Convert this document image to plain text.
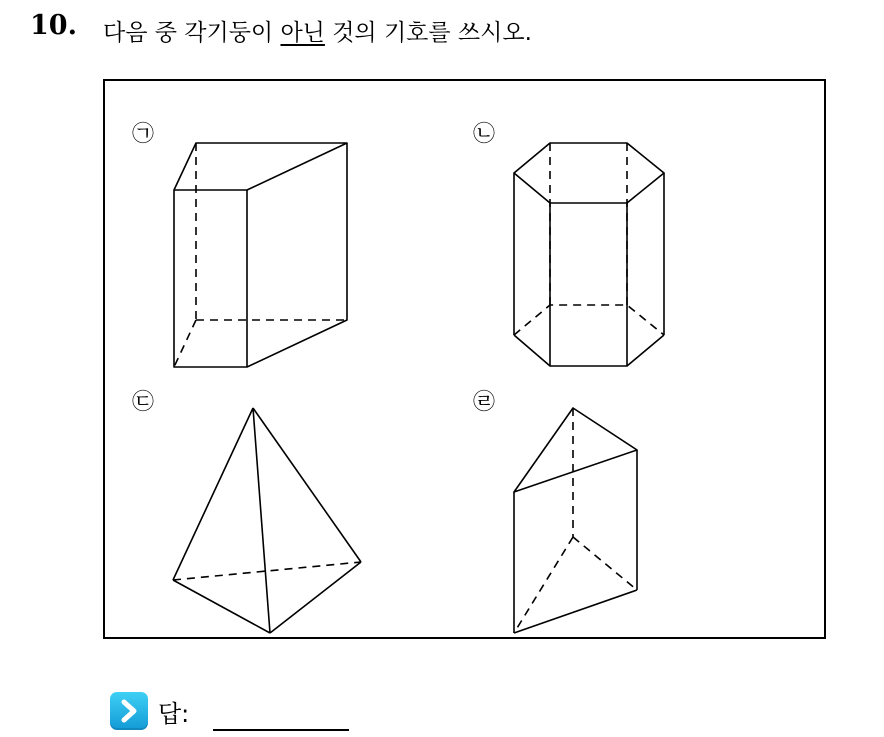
10. 다음 중 각기둥이 아닌 것의 기호를 쓰시오.
㉠	㉡
㉢	㉣
답:
